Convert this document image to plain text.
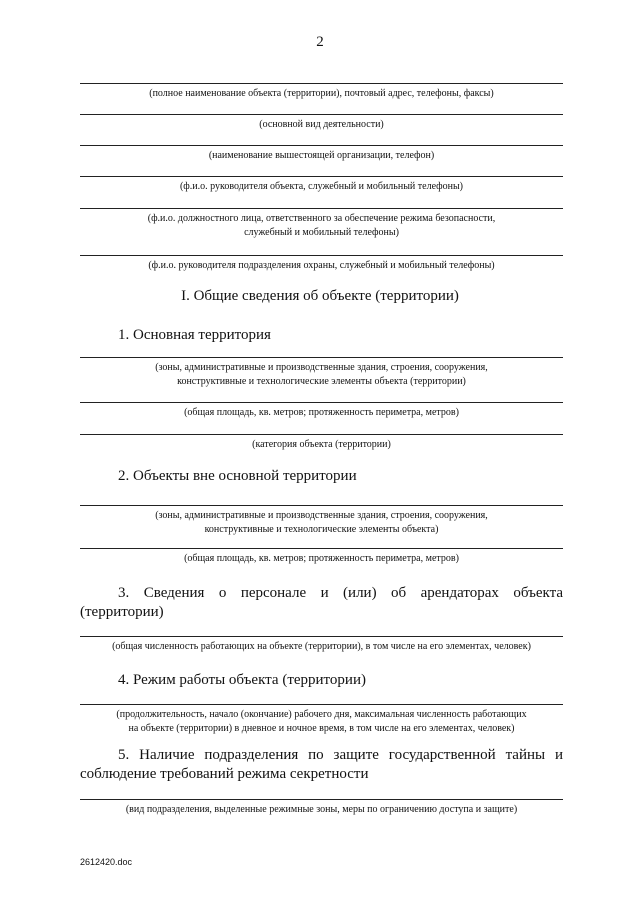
2
(полное наименование объекта (территории), почтовый адрес, телефоны, факсы)
(основной вид деятельности)
(наименование вышестоящей организации, телефон)
(ф.и.о. руководителя объекта, служебный и мобильный телефоны)
(ф.и.о. должностного лица, ответственного за обеспечение режима безопасности,
служебный и мобильный телефоны)
(ф.и.о. руководителя подразделения охраны, служебный и мобильный телефоны)
I. Общие сведения об объекте (территории)
1. Основная территория
(зоны, административные и производственные здания, строения, сооружения,
конструктивные и технологические элементы объекта (территории)
(общая площадь, кв. метров; протяженность периметра, метров)
(категория объекта (территории)
2. Объекты вне основной территории
(зоны, административные и производственные здания, строения, сооружения,
конструктивные и технологические элементы объекта)
(общая площадь, кв. метров; протяженность периметра, метров)
3. Сведения о персонале и (или) об арендаторах объекта (территории)
(общая численность работающих на объекте (территории), в том числе на его элементах, человек)
4. Режим работы объекта (территории)
(продолжительность, начало (окончание) рабочего дня, максимальная численность работающих
на объекте (территории) в дневное и ночное время, в том числе на его элементах, человек)
5. Наличие подразделения по защите государственной тайны и соблюдение требований режима секретности
(вид подразделения, выделенные режимные зоны, меры по ограничению доступа и защите)
2612420.doc
